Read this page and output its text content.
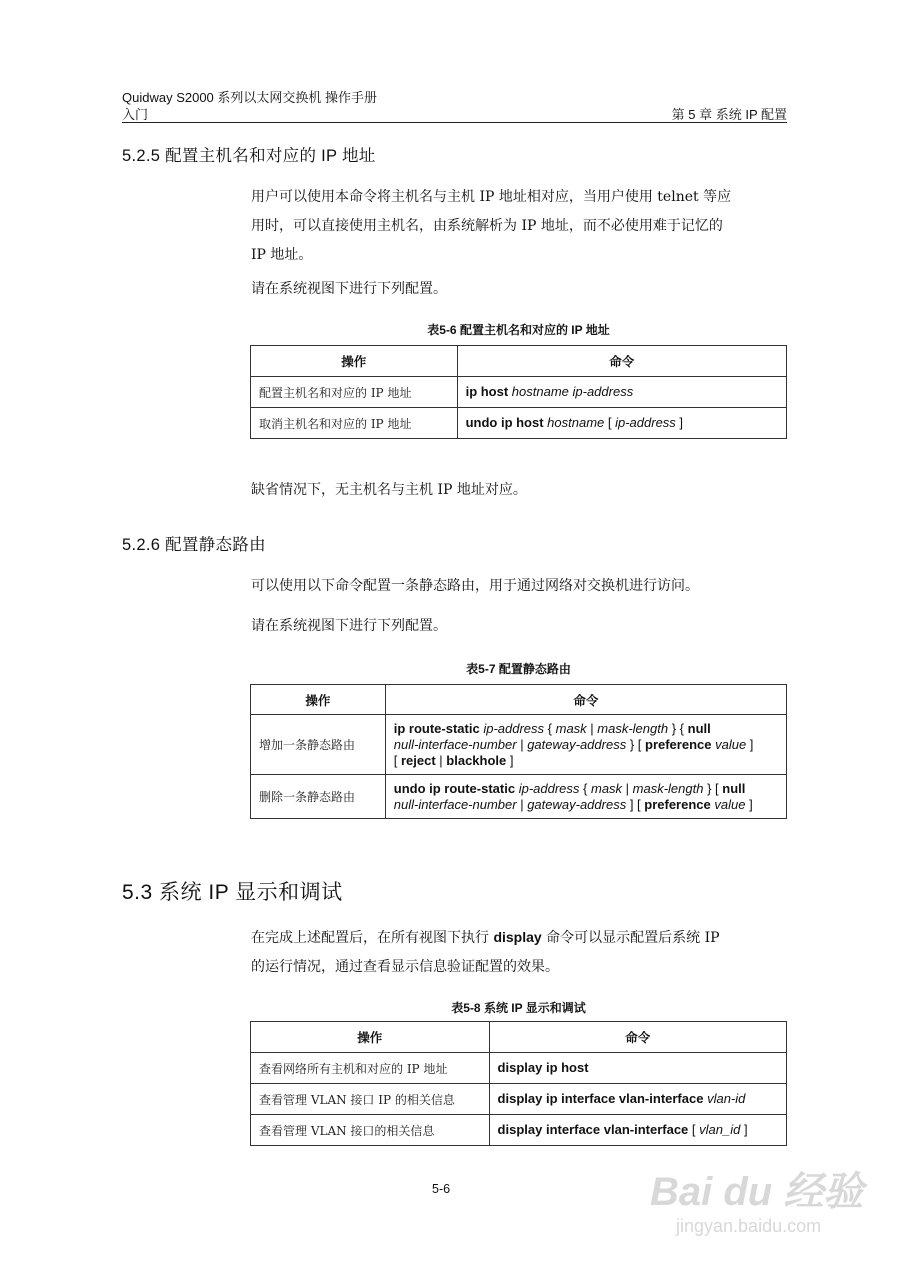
Quidway S2000 系列以太网交换机 操作手册
入门	第 5 章 系统 IP 配置
5.2.5 配置主机名和对应的 IP 地址
用户可以使用本命令将主机名与主机 IP 地址相对应，当用户使用 telnet 等应
用时，可以直接使用主机名，由系统解析为 IP 地址，而不必使用难于记忆的
IP 地址。
请在系统视图下进行下列配置。
表5-6 配置主机名和对应的 IP 地址
操作	命令
配置主机名和对应的 IP 地址	ip host hostname ip-address
取消主机名和对应的 IP 地址	undo ip host hostname [ ip-address ]
缺省情况下，无主机名与主机 IP 地址对应。
5.2.6 配置静态路由
可以使用以下命令配置一条静态路由，用于通过网络对交换机进行访问。
请在系统视图下进行下列配置。
表5-7 配置静态路由
操作	命令
增加一条静态路由	ip route-static ip-address { mask | mask-length } { null
null-interface-number | gateway-address } [ preference value ]
[ reject | blackhole ]
删除一条静态路由	undo ip route-static ip-address { mask | mask-length } [ null
null-interface-number | gateway-address ] [ preference value ]
5.3 系统 IP 显示和调试
在完成上述配置后，在所有视图下执行 display 命令可以显示配置后系统 IP
的运行情况，通过查看显示信息验证配置的效果。
表5-8 系统 IP 显示和调试
操作	命令
查看网络所有主机和对应的 IP 地址	display ip host
查看管理 VLAN 接口 IP 的相关信息	display ip interface vlan-interface vlan-id
查看管理 VLAN 接口的相关信息	display interface vlan-interface [ vlan_id ]
5-6	Bai du 经验
jingyan.baidu.com
